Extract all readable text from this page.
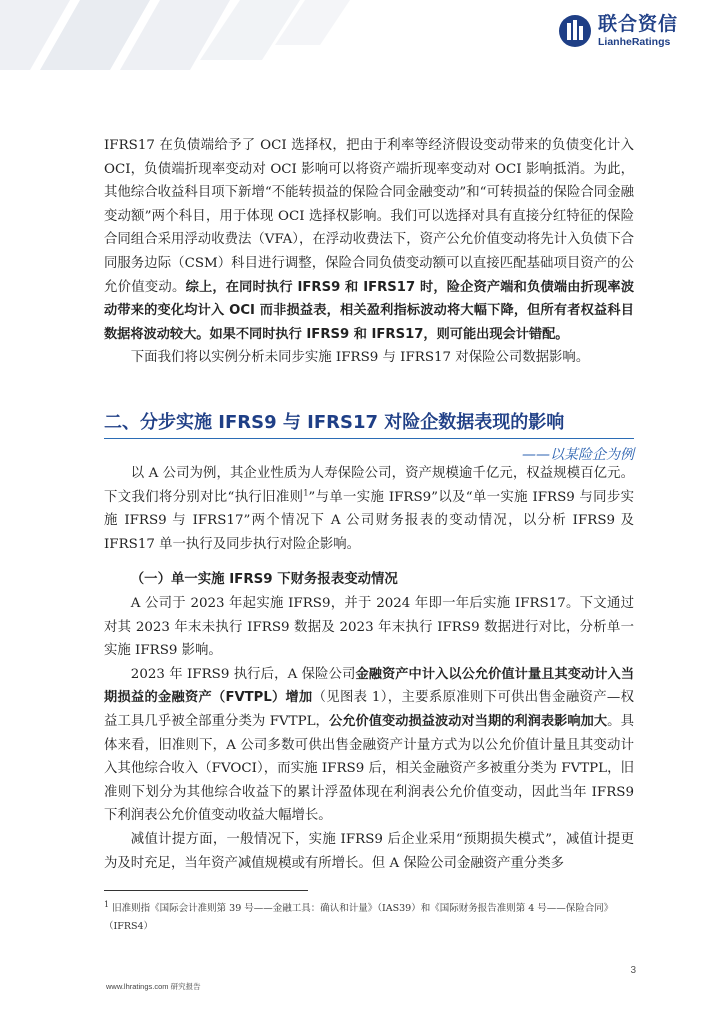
联合资信
LianheRatings

IFRS17 在负债端给予了 OCI 选择权，把由于利率等经济假设变动带来的负债变化计入 OCI，负债端折现率变动对 OCI 影响可以将资产端折现率变动对 OCI 影响抵消。为此，其他综合收益科目项下新增“不能转损益的保险合同金融变动”和“可转损益的保险合同金融变动额”两个科目，用于体现 OCI 选择权影响。我们可以选择对具有直接分红特征的保险合同组合采用浮动收费法（VFA），在浮动收费法下，资产公允价值变动将先计入负债下合同服务边际（CSM）科目进行调整，保险合同负债变动额可以直接匹配基础项目资产的公允价值变动。综上，在同时执行 IFRS9 和 IFRS17 时，险企资产端和负债端由折现率波动带来的变化均计入 OCI 而非损益表，相关盈利指标波动将大幅下降，但所有者权益科目数据将波动较大。如果不同时执行 IFRS9 和 IFRS17，则可能出现会计错配。

下面我们将以实例分析未同步实施 IFRS9 与 IFRS17 对保险公司数据影响。

二、分步实施 IFRS9 与 IFRS17 对险企数据表现的影响
——以某险企为例

以 A 公司为例，其企业性质为人寿保险公司，资产规模逾千亿元，权益规模百亿元。下文我们将分别对比“执行旧准则$^1$”与单一实施 IFRS9”以及“单一实施 IFRS9 与同步实施 IFRS9 与 IFRS17”两个情况下 A 公司财务报表的变动情况，以分析 IFRS9 及 IFRS17 单一执行及同步执行对险企影响。

（一）单一实施 IFRS9 下财务报表变动情况

A 公司于 2023 年起实施 IFRS9，并于 2024 年即一年后实施 IFRS17。下文通过对其 2023 年末未执行 IFRS9 数据及 2023 年末执行 IFRS9 数据进行对比，分析单一实施 IFRS9 影响。

2023 年 IFRS9 执行后，A 保险公司金融资产中计入以公允价值计量且其变动计入当期损益的金融资产（FVTPL）增加（见图表 1），主要系原准则下可供出售金融资产—权益工具几乎被全部重分类为 FVTPL，公允价值变动损益波动对当期的利润表影响加大。具体来看，旧准则下，A 公司多数可供出售金融资产计量方式为以公允价值计量且其变动计入其他综合收入（FVOCI），而实施 IFRS9 后，相关金融资产多被重分类为 FVTPL，旧准则下划分为其他综合收益下的累计浮盈体现在利润表公允价值变动，因此当年 IFRS9 下利润表公允价值变动收益大幅增长。

减值计提方面，一般情况下，实施 IFRS9 后企业采用“预期损失模式”，减值计提更为及时充足，当年资产减值规模或有所增长。但 A 保险公司金融资产重分类多

$^1$ 旧准则指《国际会计准则第 39 号——金融工具：确认和计量》（IAS39）和《国际财务报告准则第 4 号——保险合同》（IFRS4）
3
www.lhratings.com 研究报告
